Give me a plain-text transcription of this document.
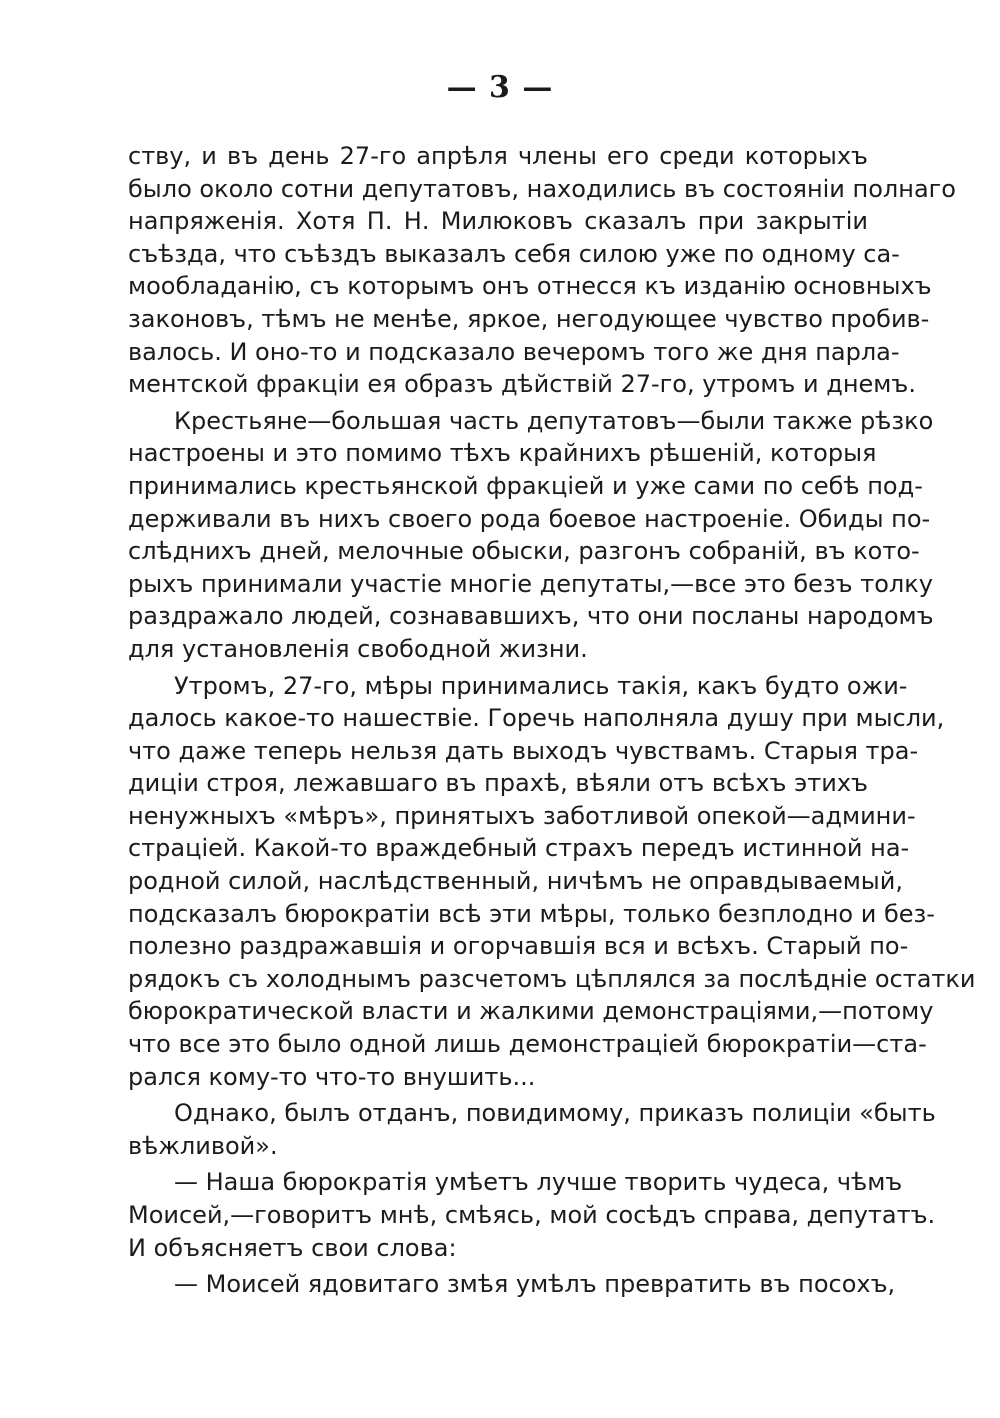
— 3 —
ству, и въ день 27-го апрѣля члены его среди которыхъ
было около сотни депутатовъ, находились въ состояніи полнаго
напряженія. Хотя П. Н. Милюковъ сказалъ при закрытіи
съѣзда, что съѣздъ выказалъ себя силою уже по одному са-
мообладанію, съ которымъ онъ отнесся къ изданію основныхъ
законовъ, тѣмъ не менѣе, яркое, негодующее чувство пробив-
валось. И оно-то и подсказало вечеромъ того же дня парла-
ментской фракціи ея образъ дѣйствій 27-го, утромъ и днемъ.
Крестьяне—большая часть депутатовъ—были также рѣзко
настроены и это помимо тѣхъ крайнихъ рѣшеній, которыя
принимались крестьянской фракціей и уже сами по себѣ под-
держивали въ нихъ своего рода боевое настроеніе. Обиды по-
слѣднихъ дней, мелочные обыски, разгонъ собраній, въ кото-
рыхъ принимали участіе многіе депутаты,—все это безъ толку
раздражало людей, сознававшихъ, что они посланы народомъ
для установленія свободной жизни.
Утромъ, 27-го, мѣры принимались такія, какъ будто ожи-
далось какое-то нашествіе. Горечь наполняла душу при мысли,
что даже теперь нельзя дать выходъ чувствамъ. Старыя тра-
диціи строя, лежавшаго въ прахѣ, вѣяли отъ всѣхъ этихъ
ненужныхъ «мѣръ», принятыхъ заботливой опекой—админи-
страціей. Какой-то враждебный страхъ передъ истинной на-
родной силой, наслѣдственный, ничѣмъ не оправдываемый,
подсказалъ бюрократіи всѣ эти мѣры, только безплодно и без-
полезно раздражавшія и огорчавшія вся и всѣхъ. Старый по-
рядокъ съ холоднымъ разсчетомъ цѣплялся за послѣдніе остатки
бюрократической власти и жалкими демонстраціями,—потому
что все это было одной лишь демонстраціей бюрократіи—ста-
рался кому-то что-то внушить...
Однако, былъ отданъ, повидимому, приказъ полиціи «быть
вѣжливой».
— Наша бюрократія умѣетъ лучше творить чудеса, чѣмъ
Моисей,—говоритъ мнѣ, смѣясь, мой сосѣдъ справа, депутатъ.
И объясняетъ свои слова:
— Моисей ядовитаго змѣя умѣлъ превратить въ посохъ,
